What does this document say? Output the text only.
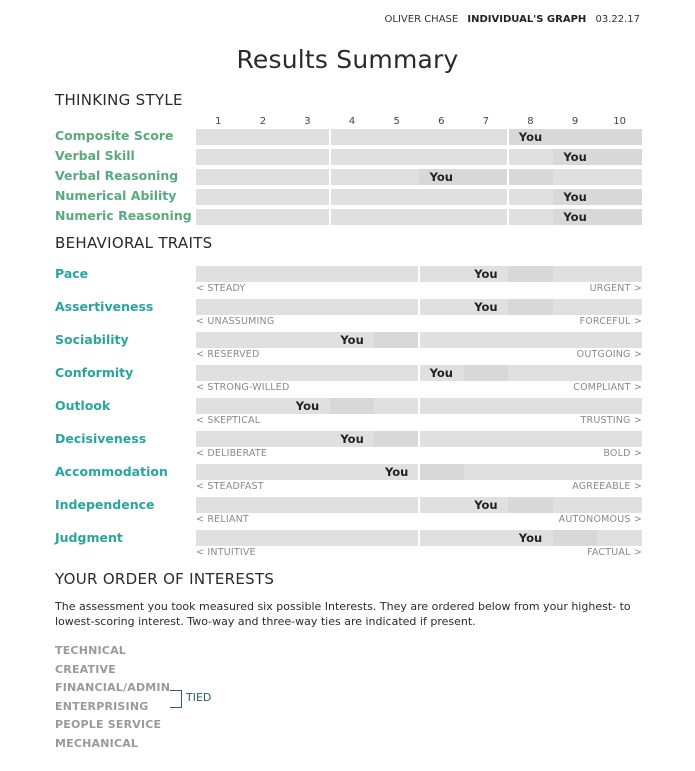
OLIVER CHASE INDIVIDUAL'S GRAPH 03.22.17
Results Summary
THINKING STYLE
1	2	3	4	5	6	7	8	9	10
Composite Score	You
Verbal Skill	You
Verbal Reasoning	You
Numerical Ability	You
Numeric Reasoning	You
BEHAVIORAL TRAITS
Pace	You
< STEADY	URGENT >
Assertiveness	You
< UNASSUMING	FORCEFUL >
Sociability	You
< RESERVED	OUTGOING >
Conformity	You
< STRONG-WILLED	COMPLIANT >
Outlook	You
< SKEPTICAL	TRUSTING >
Decisiveness	You
< DELIBERATE	BOLD >
Accommodation	You
< STEADFAST	AGREEABLE >
Independence	You
< RELIANT	AUTONOMOUS >
Judgment	You
< INTUITIVE	FACTUAL >
YOUR ORDER OF INTERESTS
The assessment you took measured six possible Interests. They are ordered below from your highest- to lowest-scoring interest. Two-way and three-way ties are indicated if present.
TECHNICAL
CREATIVE
FINANCIAL/ADMIN
ENTERPRISING
PEOPLE SERVICE
MECHANICAL
TIED
